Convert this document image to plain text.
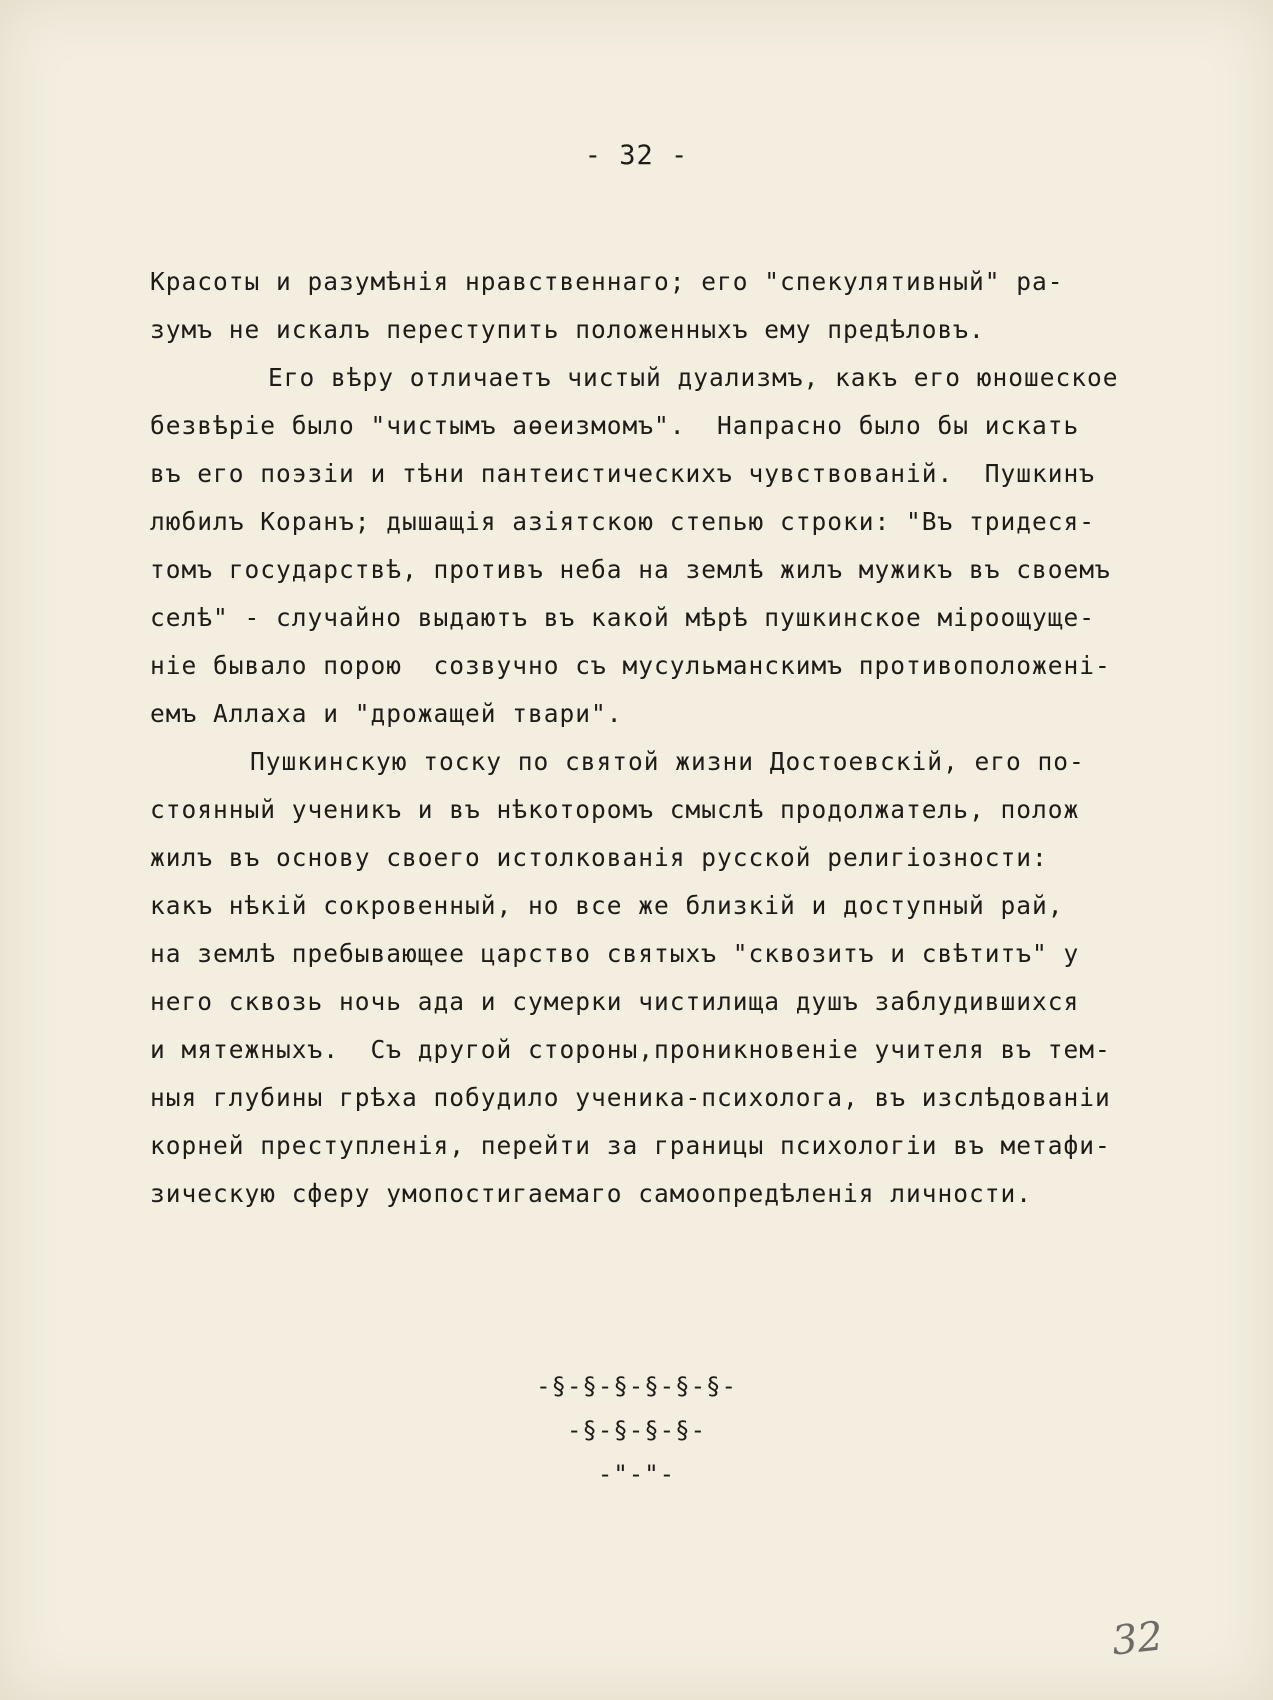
- 32 -
Красоты и разумѣнія нравственнаго; его "спекулятивный" ра-
зумъ не искалъ переступить положенныхъ ему предѣловъ.
Его вѣру отличаетъ чистый дуализмъ, какъ его юношеское
безвѣріе было "чистымъ аѳеизмомъ".  Напрасно было бы искать
въ его поэзіи и тѣни пантеистическихъ чувствованій.  Пушкинъ
любилъ Коранъ; дышащія азіятскою степью строки: "Въ тридеся-
томъ государствѣ, противъ неба на землѣ жилъ мужикъ въ своемъ
селѣ" - случайно выдаютъ въ какой мѣрѣ пушкинское міроощуще-
ніе бывало порою  созвучно съ мусульманскимъ противоположені-
емъ Аллаха и "дрожащей твари".
Пушкинскую тоску по святой жизни Достоевскій, его по-
стоянный ученикъ и въ нѣкоторомъ смыслѣ продолжатель, полож
жилъ въ основу своего истолкованія русской религіозности:
какъ нѣкій сокровенный, но все же близкій и доступный рай,
на землѣ пребывающее царство святыхъ "сквозитъ и свѣтитъ" у
него сквозь ночь ада и сумерки чистилища душъ заблудившихся
и мятежныхъ.  Съ другой стороны,проникновеніе учителя въ тем-
ныя глубины грѣха побудило ученика-психолога, въ изслѣдованіи
корней преступленія, перейти за границы психологіи въ метафи-
зическую сферу умопостигаемаго самоопредѣленія личности.
-§-§-§-§-§-§-
-§-§-§-§-
-"-"-
32
